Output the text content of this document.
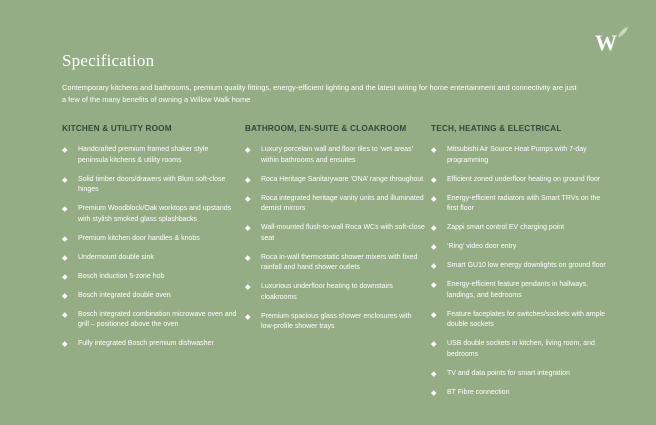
Specification
W

Contemporary kitchens and bathrooms, premium quality fittings, energy-efficient lighting and the latest wiring for home entertainment and connectivity are just a few of the many benefits of owning a Willow Walk home

KITCHEN & UTILITY ROOM
Handcrafted premium framed shaker style peninsula kitchens & utility rooms
Solid timber doors/drawers with Blum soft-close hinges
Premium Woodblock/Oak worktops and upstands with stylish smoked glass splashbacks
Premium kitchen door handles & knobs
Undermount double sink
Bosch induction 5-zone hob
Bosch integrated double oven
Bosch integrated combination microwave oven and grill – positioned above the oven
Fully integrated Bosch premium dishwasher
BATHROOM, EN-SUITE & CLOAKROOM
Luxury porcelain wall and floor tiles to ‘wet areas’ within bathrooms and ensuites
Roca Heritage Sanitaryware ‘ONA’ range throughout
Roca integrated heritage vanity units and illuminated demist mirrors
Wall-mounted flush-to-wall Roca WCs with soft-close seat
Roca in-wall thermostatic shower mixers with fixed rainfall and hand shower outlets
Luxurious underfloor heating to downstairs cloakrooms
Premium spacious glass shower enclosures with low-profile shower trays
TECH, HEATING & ELECTRICAL
Mitsubishi Air Source Heat Pumps with 7-day programming
Efficient zoned underfloor heating on ground floor
Energy-efficient radiators with Smart TRVs on the first floor
Zappi smart control EV charging point
‘Ring’ video door entry
Smart GU10 low energy downlights on ground floor
Energy-efficient feature pendants in hallways, landings, and bedrooms
Feature faceplates for switches/sockets with ample double sockets
USB double sockets in kitchen, living room, and bedrooms
TV and data points for smart integration
BT Fibre connection
